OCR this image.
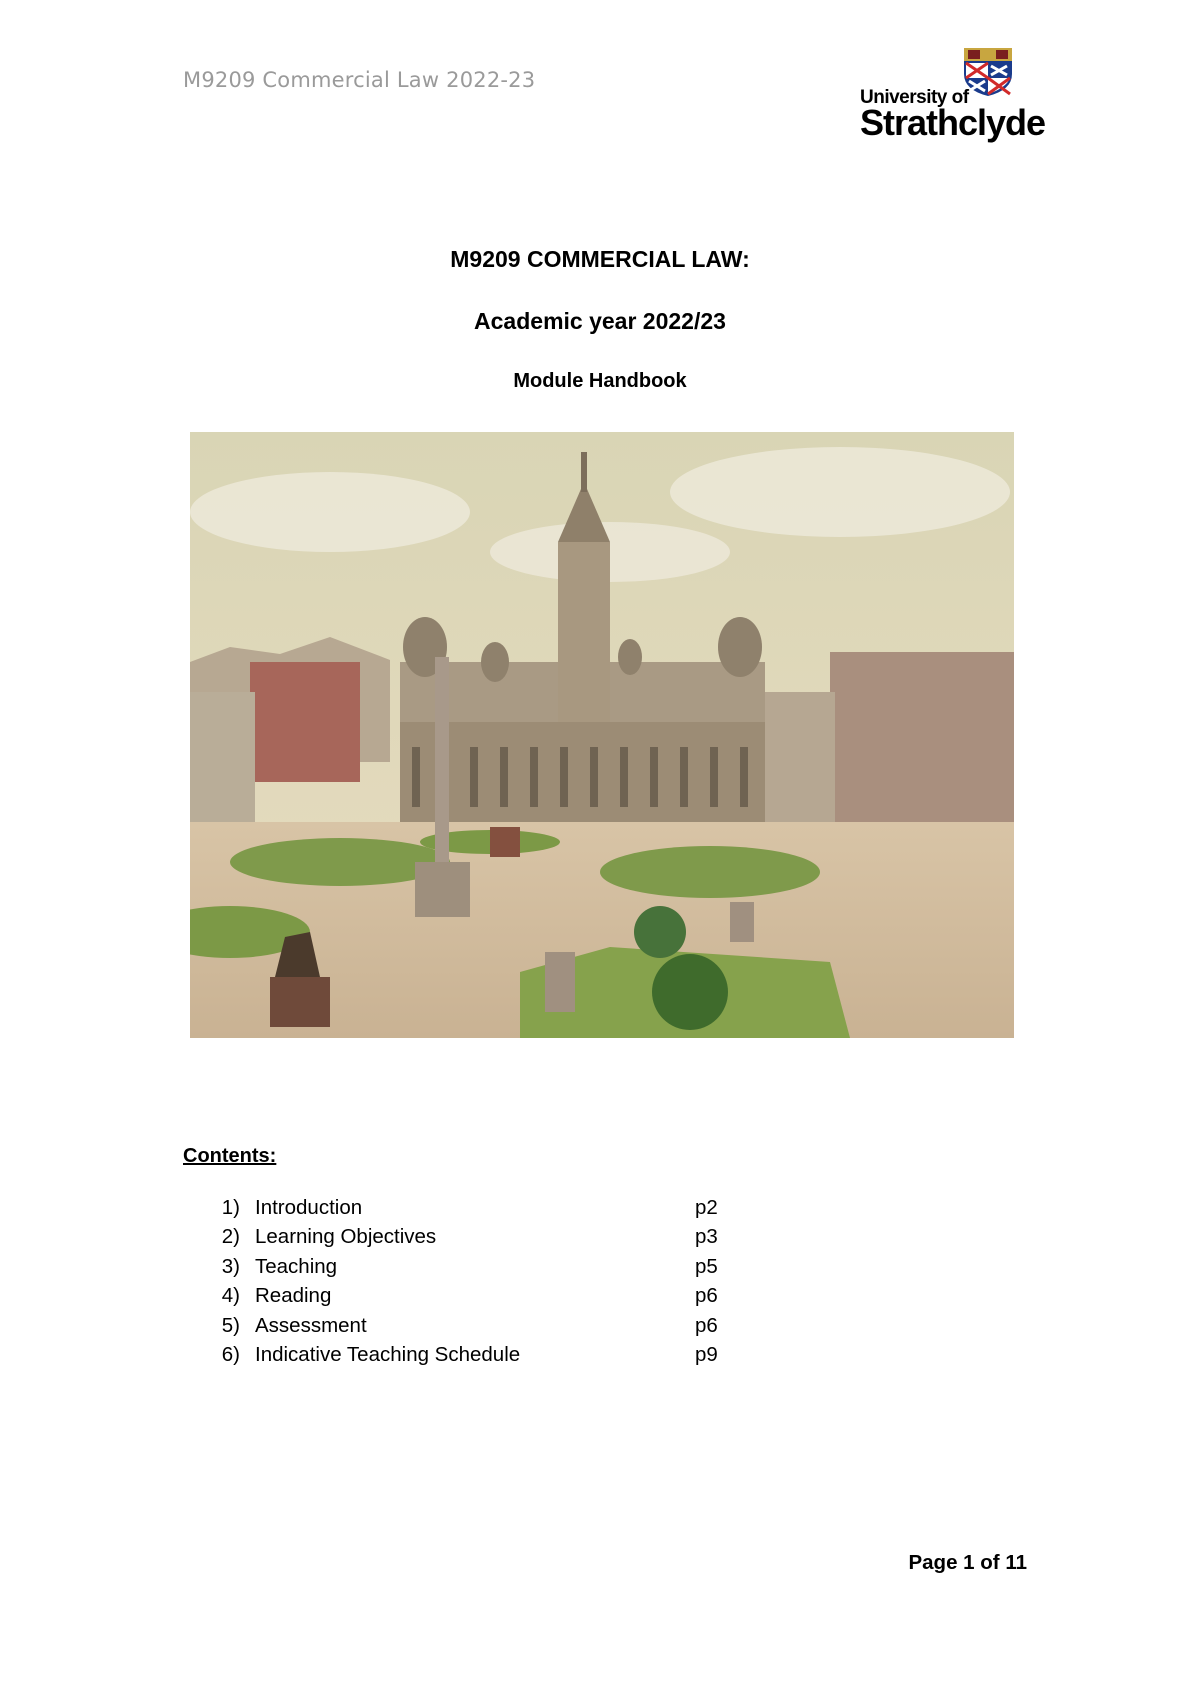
M9209 Commercial Law 2022-23
University of
Strathclyde
M9209 COMMERCIAL LAW:
Academic year 2022/23
Module Handbook
Contents:
1) Introduction	p2
2) Learning Objectives	p3
3) Teaching	p5
4) Reading	p6
5) Assessment	p6
6) Indicative Teaching Schedule	p9
Page 1 of 11
